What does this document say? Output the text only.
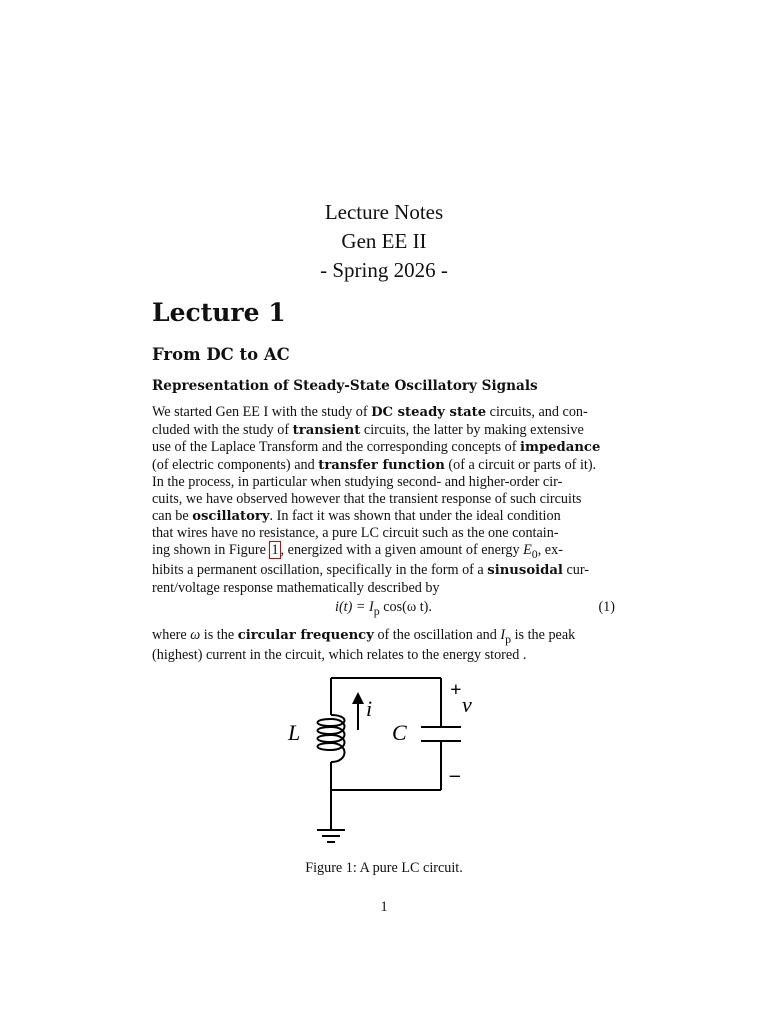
Lecture Notes
Gen EE II
- Spring 2026 -
Lecture 1
From DC to AC
Representation of Steady-State Oscillatory Signals
We started Gen EE I with the study of DC steady state circuits, and con-
cluded with the study of transient circuits, the latter by making extensive
use of the Laplace Transform and the corresponding concepts of impedance
(of electric components) and transfer function (of a circuit or parts of it).
In the process, in particular when studying second- and higher-order cir-
cuits, we have observed however that the transient response of such circuits
can be oscillatory. In fact it was shown that under the ideal condition
that wires have no resistance, a pure LC circuit such as the one contain-
ing shown in Figure 1 , energized with a given amount of energy $E_0$, ex-
hibits a permanent oscillation, specifically in the form of a sinusoidal cur-
rent/voltage response mathematically described by
$i(t) = I_p$ cos(ω t).	(1)
where ω is the circular frequency of the oscillation and $I_p$ is the peak
(highest) current in the circuit, which relates to the energy stored .
L	C
i	v
+
–
Figure 1: A pure LC circuit.
1
